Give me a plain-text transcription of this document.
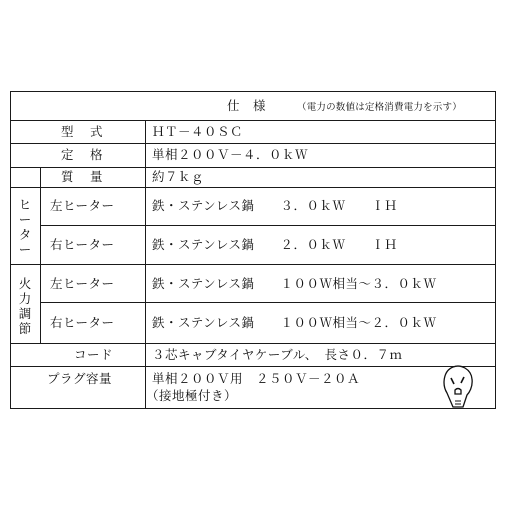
仕　様	（電力の数値は定格消費電力を示す）
型　式	ＨＴ－４０ＳＣ
定　格	単相２００Ｖ－４．０ｋＷ
質　量	約７ｋｇ
ヒーター
左ヒーター	鉄・ステンレス鍋　　３．０ｋＷ　　ＩＨ
右ヒーター	鉄・ステンレス鍋　　２．０ｋＷ　　ＩＨ
火力調節
左ヒーター	鉄・ステンレス鍋　　１００Ｗ相当～３．０ｋＷ
右ヒーター	鉄・ステンレス鍋　　１００Ｗ相当～２．０ｋＷ
コード	３芯キャブタイヤケーブル、　長さ０．７ｍ
プラグ容量	単相２００Ｖ用　２５０Ｖ－２０Ａ
（接地極付き）
